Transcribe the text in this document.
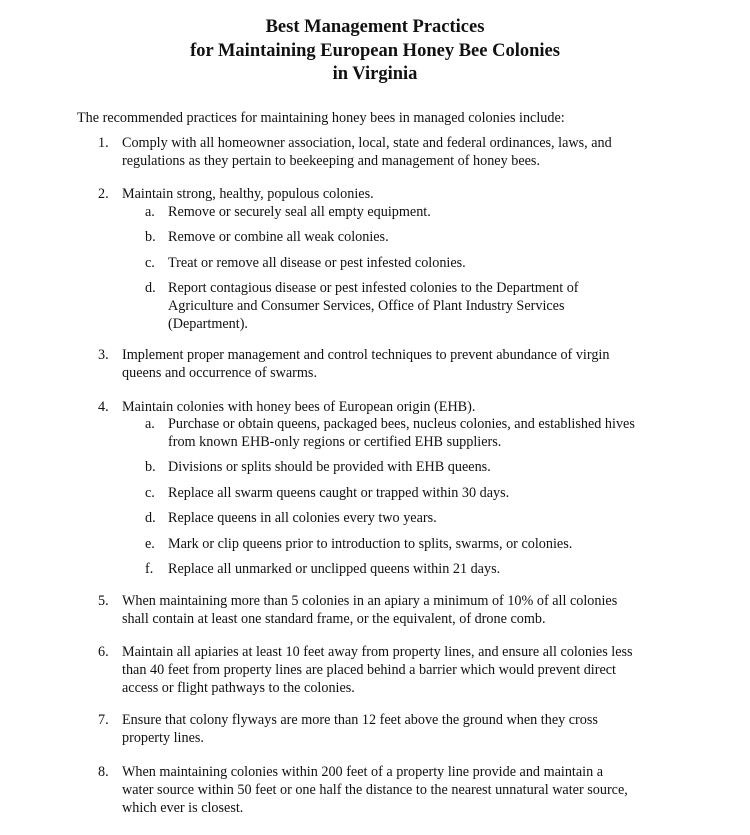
Best Management Practices
for Maintaining European Honey Bee Colonies
in Virginia
The recommended practices for maintaining honey bees in managed colonies include:
1. Comply with all homeowner association, local, state and federal ordinances, laws, and
regulations as they pertain to beekeeping and management of honey bees.
2. Maintain strong, healthy, populous colonies.
a. Remove or securely seal all empty equipment.
b. Remove or combine all weak colonies.
c. Treat or remove all disease or pest infested colonies.
d. Report contagious disease or pest infested colonies to the Department of
Agriculture and Consumer Services, Office of Plant Industry Services
(Department).
3. Implement proper management and control techniques to prevent abundance of virgin
queens and occurrence of swarms.
4. Maintain colonies with honey bees of European origin (EHB).
a. Purchase or obtain queens, packaged bees, nucleus colonies, and established hives
from known EHB-only regions or certified EHB suppliers.
b. Divisions or splits should be provided with EHB queens.
c. Replace all swarm queens caught or trapped within 30 days.
d. Replace queens in all colonies every two years.
e. Mark or clip queens prior to introduction to splits, swarms, or colonies.
f.	Replace all unmarked or unclipped queens within 21 days.
5. When maintaining more than 5 colonies in an apiary a minimum of 10% of all colonies
shall contain at least one standard frame, or the equivalent, of drone comb.
6. Maintain all apiaries at least 10 feet away from property lines, and ensure all colonies less
than 40 feet from property lines are placed behind a barrier which would prevent direct
access or flight pathways to the colonies.
7. Ensure that colony flyways are more than 12 feet above the ground when they cross
property lines.
8. When maintaining colonies within 200 feet of a property line provide and maintain a
water source within 50 feet or one half the distance to the nearest unnatural water source,
which ever is closest.
